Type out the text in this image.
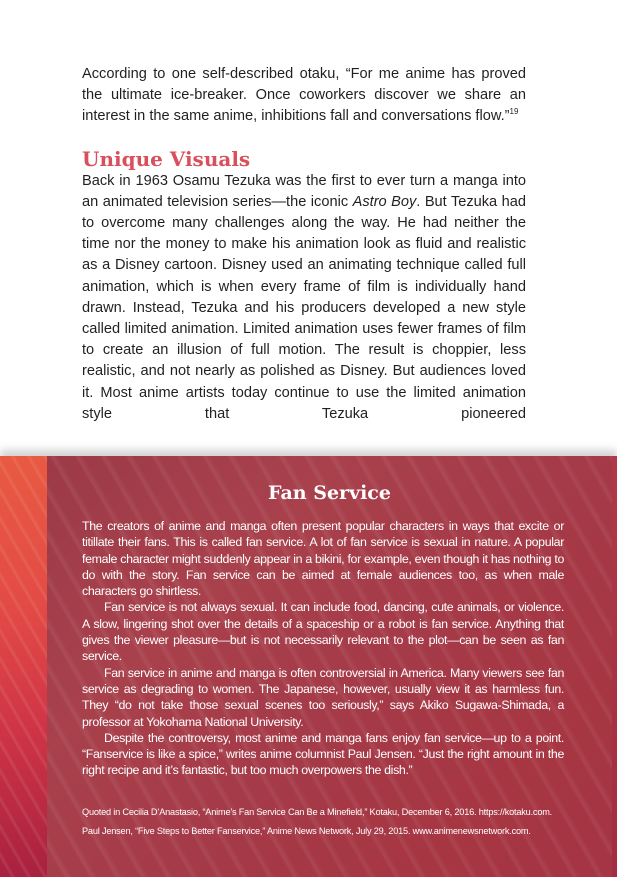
According to one self-described otaku, “For me anime has proved the ultimate ice-breaker. Once coworkers discover we share an interest in the same anime, inhibitions fall and conversations flow.”$^{19}$

Unique Visuals

Back in 1963 Osamu Tezuka was the first to ever turn a manga into an animated television series—the iconic Astro Boy. But Tezuka had to overcome many challenges along the way. He had neither the time nor the money to make his animation look as fluid and realistic as a Disney cartoon. Disney used an animating technique called full animation, which is when every frame of film is individually hand drawn. Instead, Tezuka and his producers developed a new style called limited animation. Limited animation uses fewer frames of film to create an illusion of full motion. The result is choppier, less realistic, and not nearly as polished as Disney. But audiences loved it. Most anime artists today continue to use the limited animation style that Tezuka pioneered

Fan Service

The creators of anime and manga often present popular characters in ways that excite or titillate their fans. This is called fan service. A lot of fan service is sexual in nature. A popular female character might suddenly appear in a bikini, for example, even though it has nothing to do with the story. Fan service can be aimed at female audiences too, as when male characters go shirtless.

Fan service is not always sexual. It can include food, dancing, cute animals, or violence. A slow, lingering shot over the details of a spaceship or a robot is fan service. Anything that gives the viewer pleasure—but is not necessarily relevant to the plot—can be seen as fan service.

Fan service in anime and manga is often controversial in America. Many viewers see fan service as degrading to women. The Japanese, however, usually view it as harmless fun. They “do not take those sexual scenes too seriously,” says Akiko Sugawa-Shimada, a professor at Yokohama National University.

Despite the controversy, most anime and manga fans enjoy fan service—up to a point. “Fanservice is like a spice,” writes anime columnist Paul Jensen. “Just the right amount in the right recipe and it’s fantastic, but too much overpowers the dish.”

Quoted in Cecilia D’Anastasio, “Anime’s Fan Service Can Be a Minefield,” Kotaku, December 6, 2016. https://kotaku.com.

Paul Jensen, “Five Steps to Better Fanservice,” Anime News Network, July 29, 2015. www.animenewsnetwork.com.
